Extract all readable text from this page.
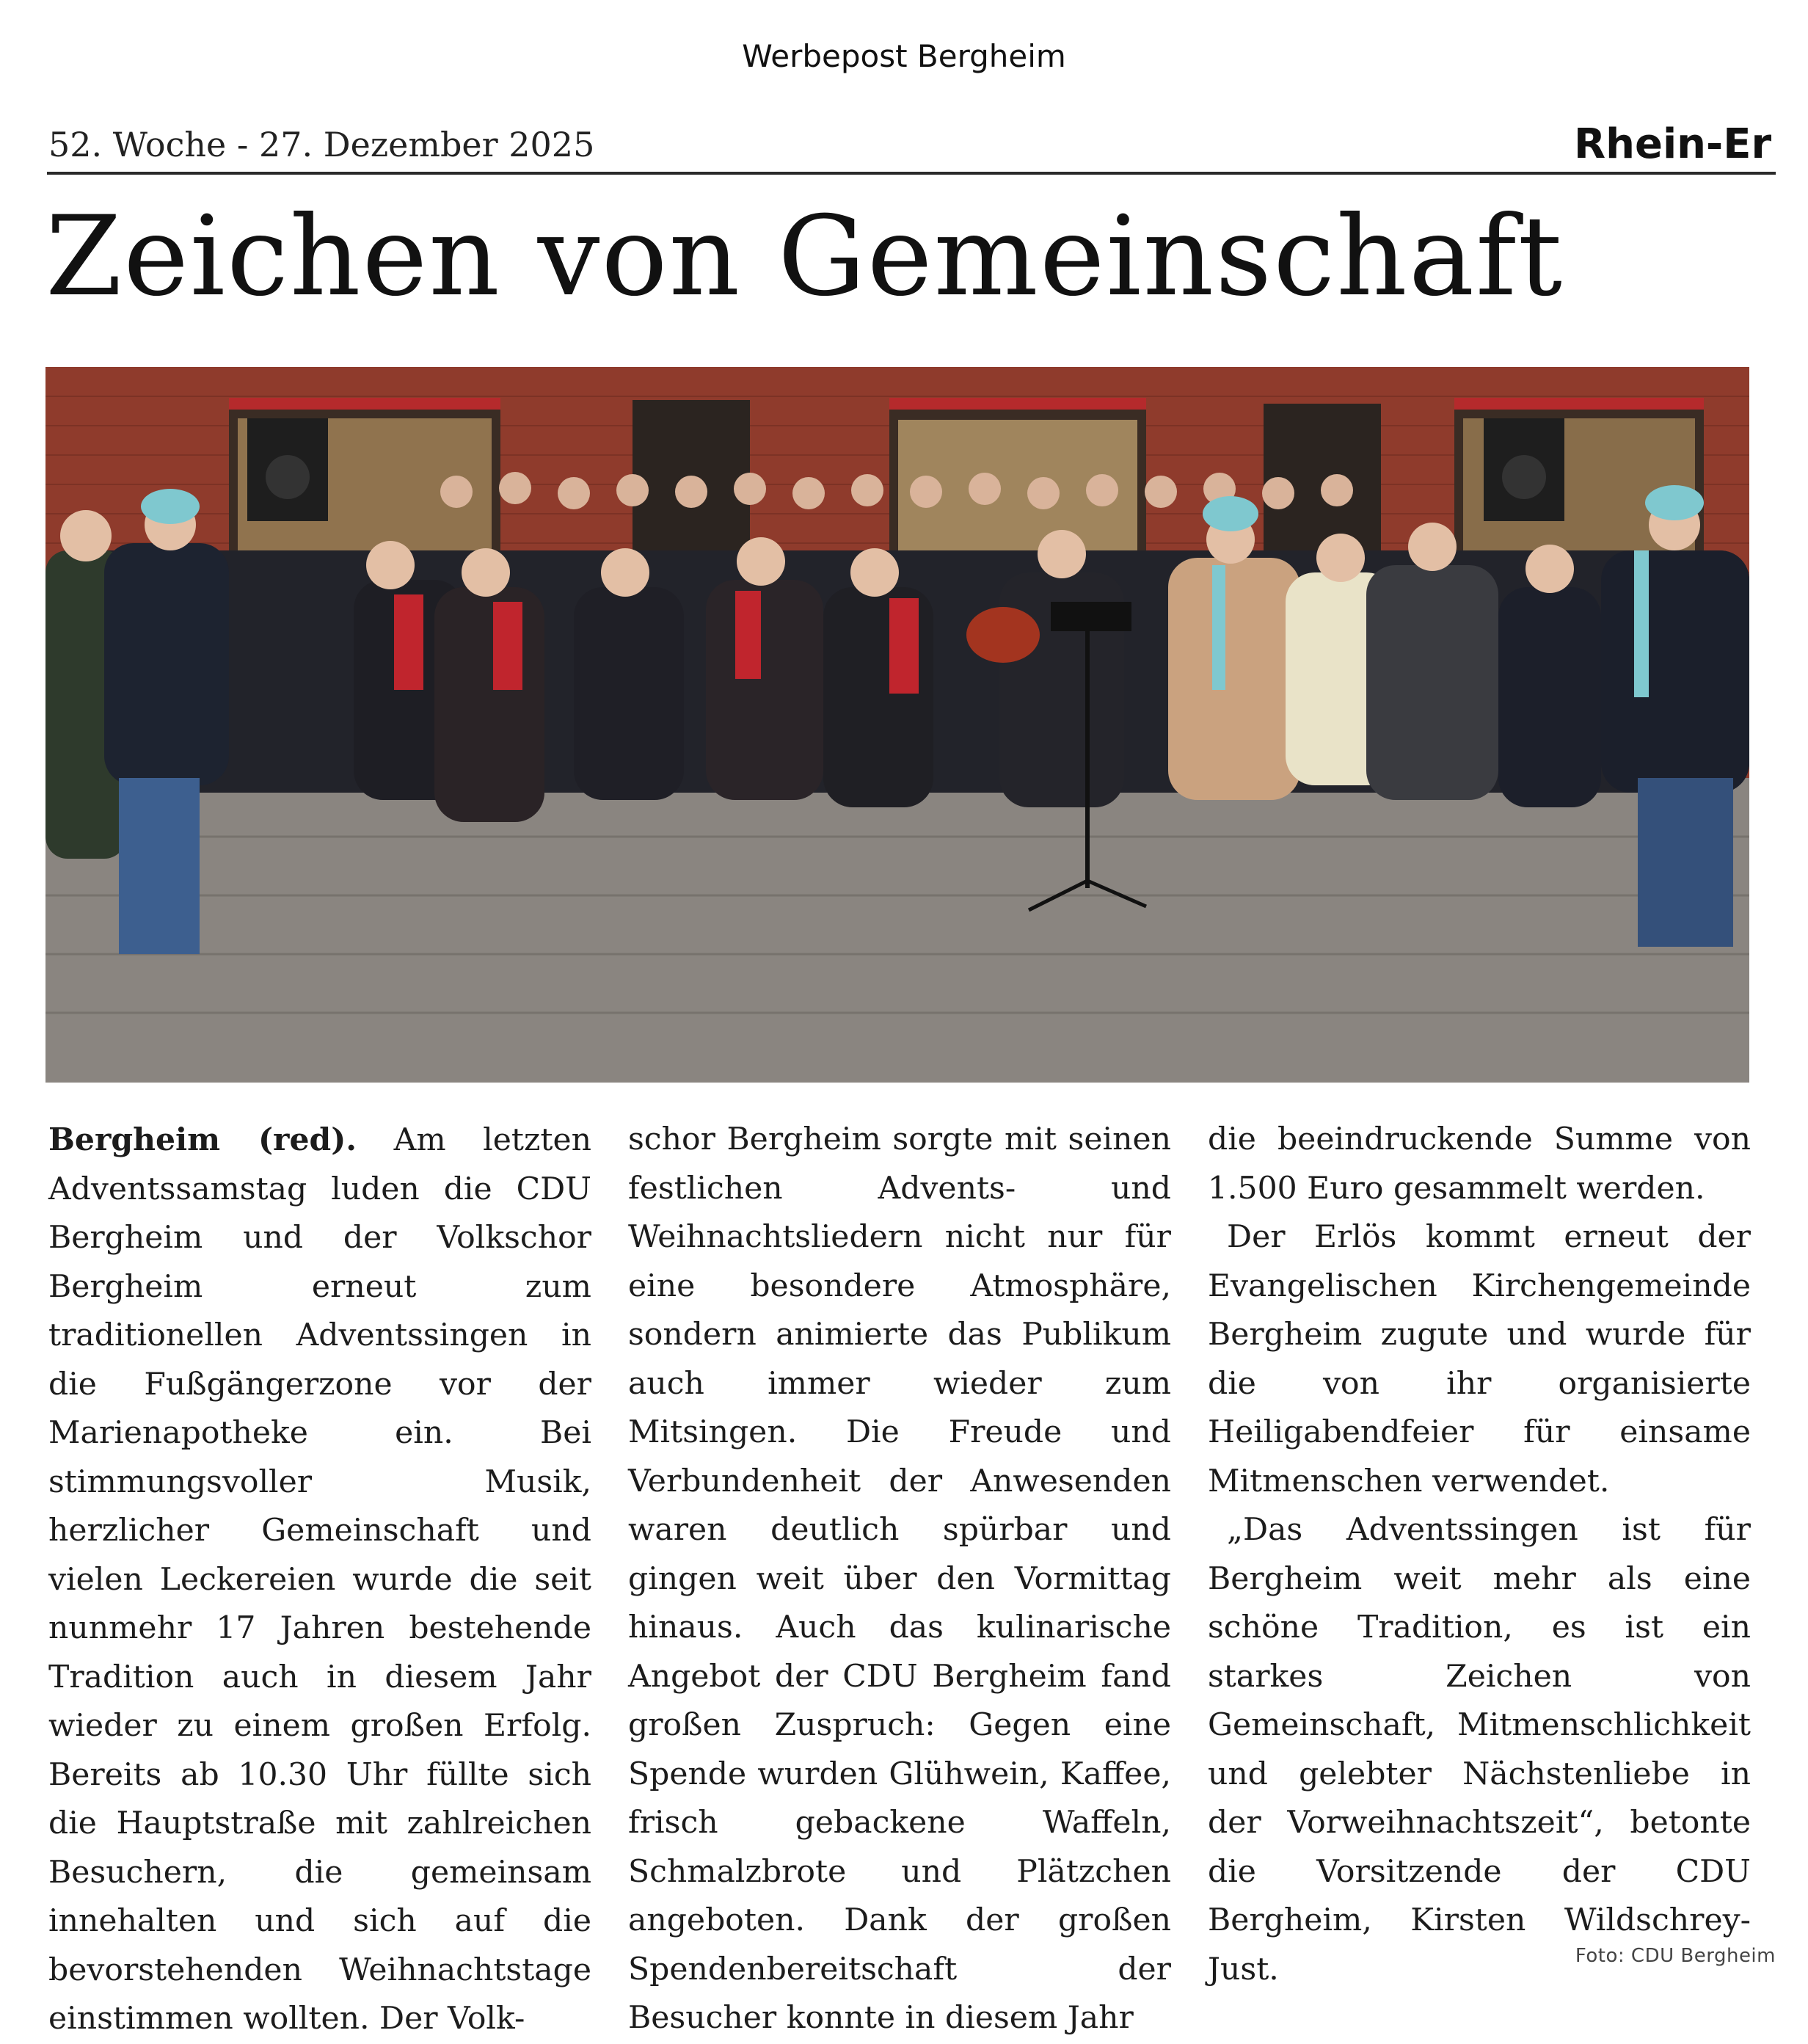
Werbepost Bergheim
52. Woche - 27. Dezember 2025	Rhein-Er
Zeichen von Gemeinschaft

Bergheim (red). Am letzten Adventssamstag luden die CDU Bergheim und der Volkschor Bergheim erneut zum traditionellen Adventssingen in die Fußgängerzone vor der Marienapotheke ein. Bei stimmungsvoller Musik, herzlicher Gemeinschaft und vielen Leckereien wurde die seit nunmehr 17 Jahren bestehende Tradition auch in diesem Jahr wieder zu einem großen Erfolg. Bereits ab 10.30 Uhr füllte sich die Hauptstraße mit zahlreichen Besuchern, die gemeinsam innehalten und sich auf die bevorstehenden Weihnachtstage einstimmen wollten. Der Volk-

schor Bergheim sorgte mit seinen festlichen Advents- und Weihnachtsliedern nicht nur für eine besondere Atmosphäre, sondern animierte das Publikum auch immer wieder zum Mitsingen. Die Freude und Verbundenheit der Anwesenden waren deutlich spürbar und gingen weit über den Vormittag hinaus. Auch das kulinarische Angebot der CDU Bergheim fand großen Zuspruch: Gegen eine Spende wurden Glühwein, Kaffee, frisch gebackene Waffeln, Schmalzbrote und Plätzchen angeboten. Dank der großen Spendenbereitschaft der Besucher konnte in diesem Jahr

die beeindruckende Summe von 1.500 Euro gesammelt werden.

Der Erlös kommt erneut der Evangelischen Kirchengemeinde Bergheim zugute und wurde für die von ihr organisierte Heiligabendfeier für einsame Mitmenschen verwendet.

„Das Adventssingen ist für Bergheim weit mehr als eine schöne Tradition, es ist ein starkes Zeichen von Gemeinschaft, Mitmenschlichkeit und gelebter Nächstenliebe in der Vorweihnachtszeit“, betonte die Vorsitzende der CDU Bergheim, Kirsten Wildschrey-Just.	Foto: CDU Bergheim
